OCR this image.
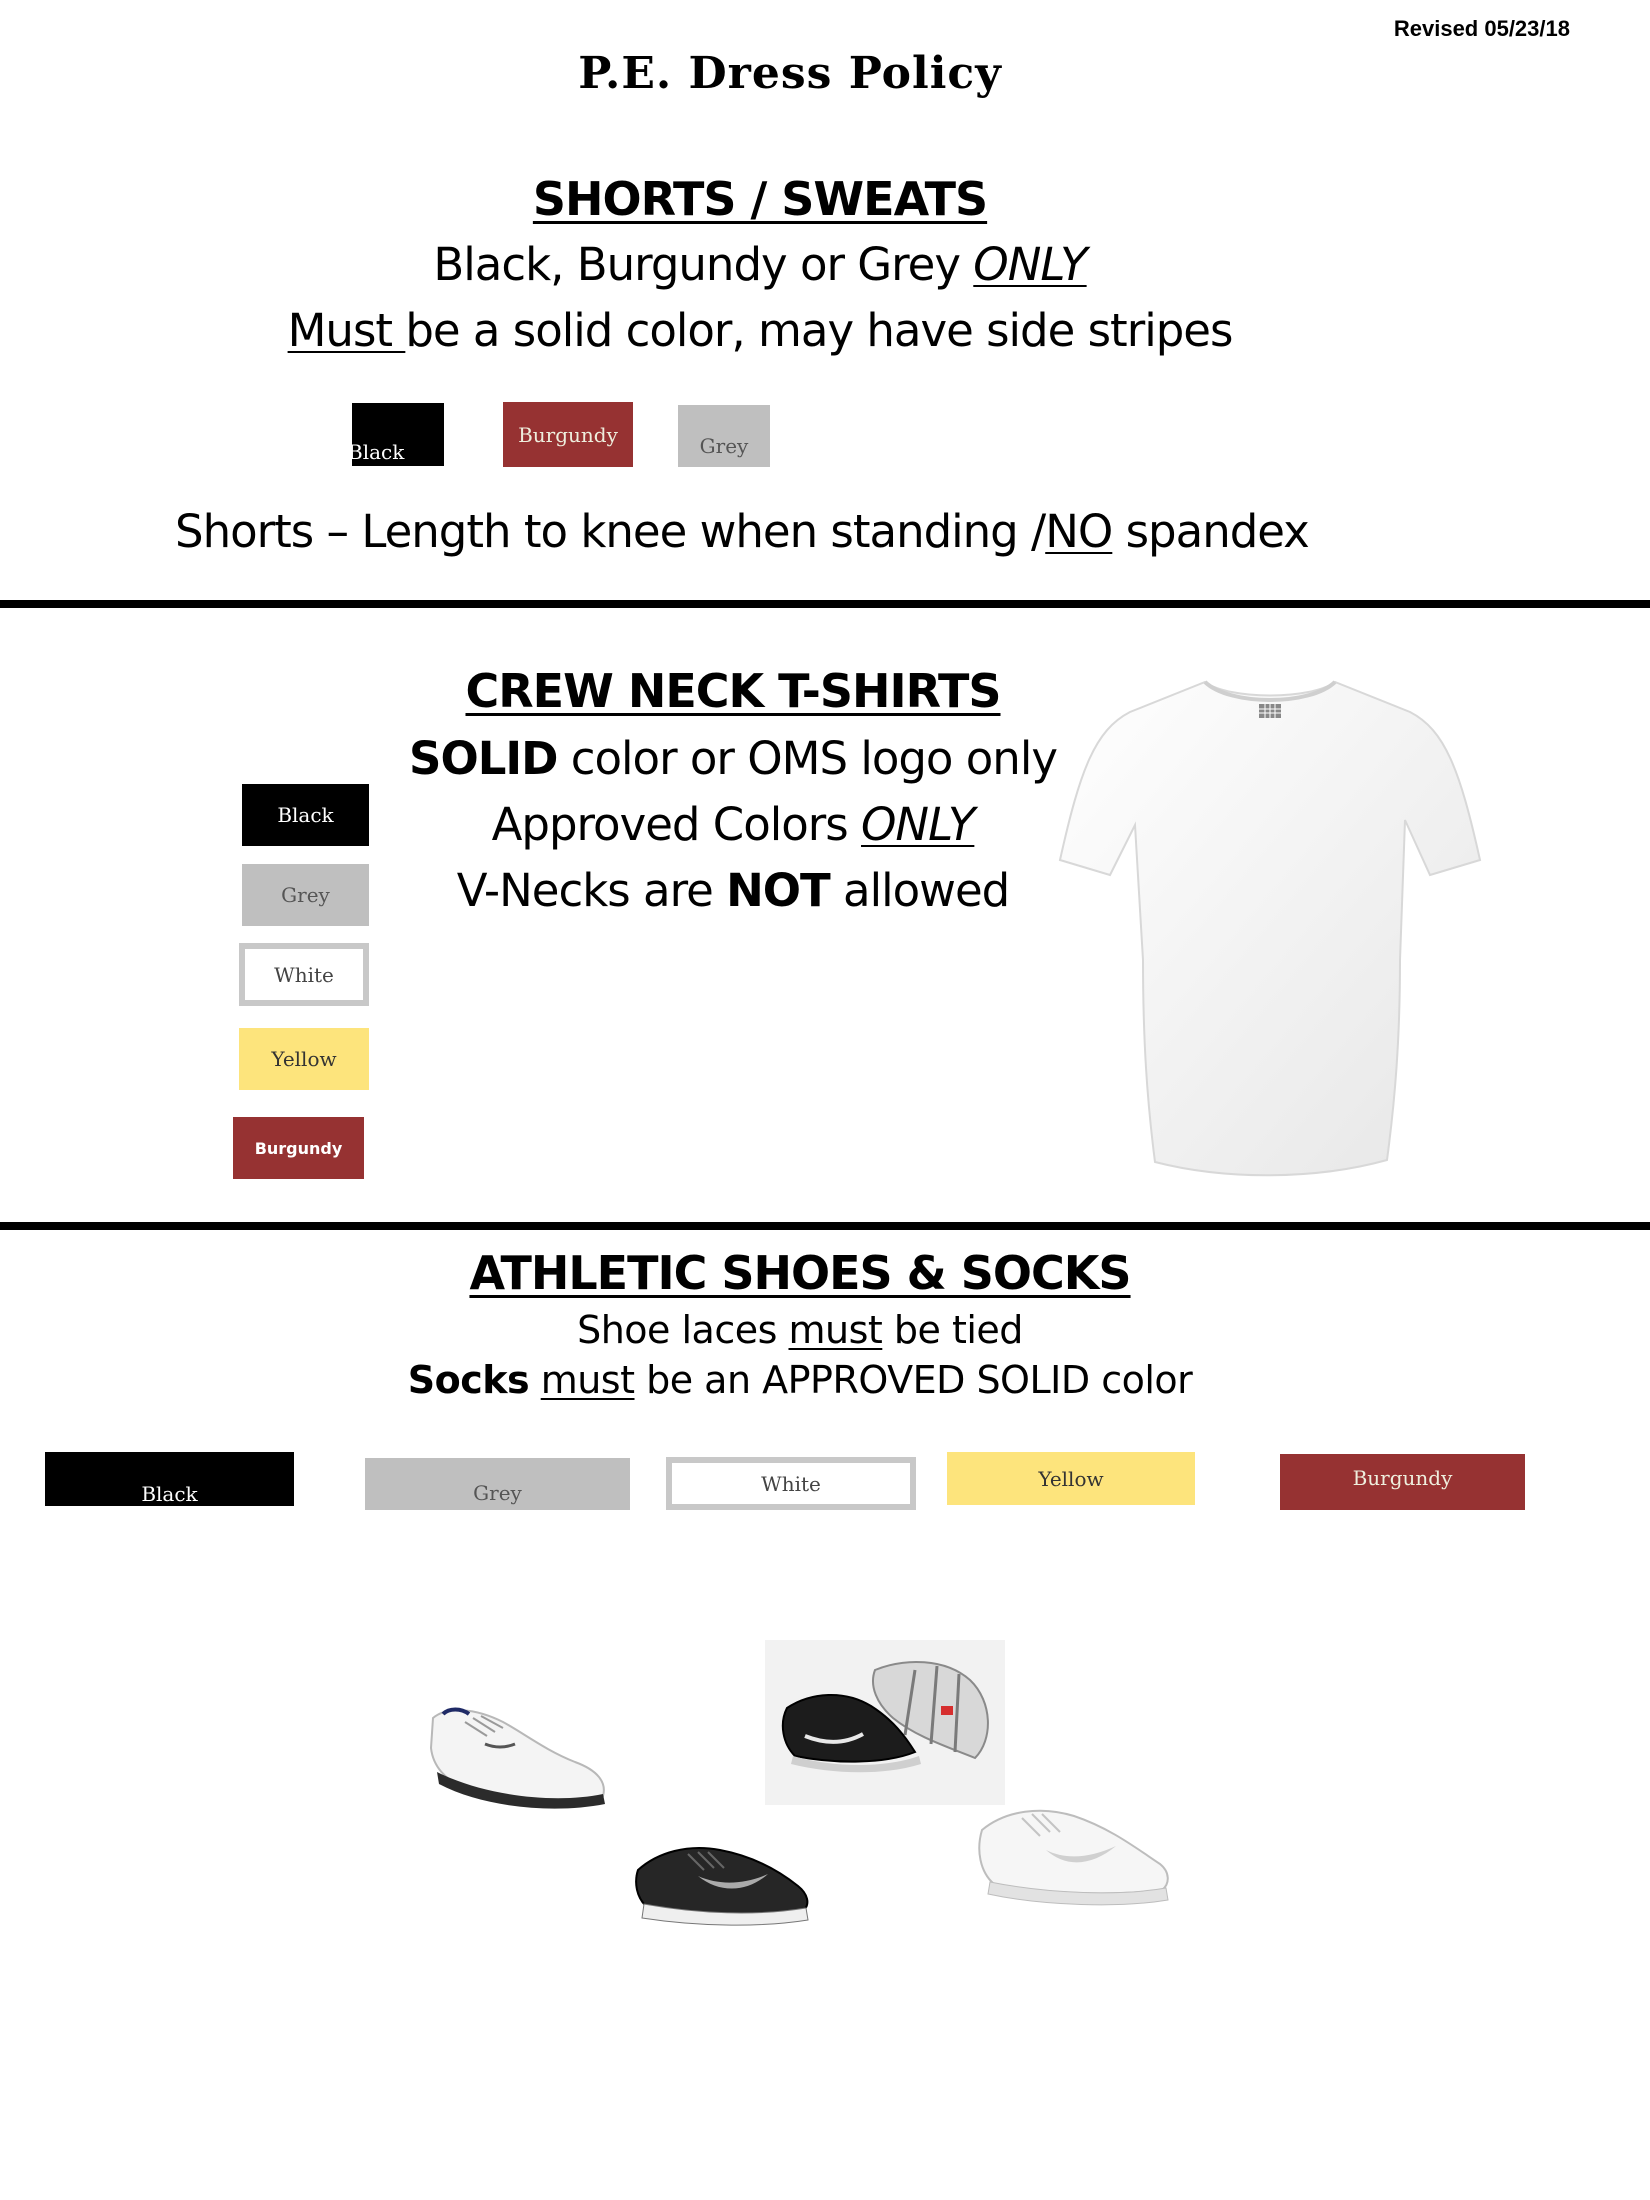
Revised 05/23/18
P.E. Dress Policy
SHORTS / SWEATS
Black, Burgundy or Grey ONLY
Must be a solid color, may have side stripes
Black
Burgundy	Grey
Shorts – Length to knee when standing /NO spandex
CREW NECK T-SHIRTS
SOLID color or OMS logo only
Approved Colors ONLY
V-Necks are NOT allowed
Black
Grey
White
Yellow
Burgundy
ATHLETIC SHOES & SOCKS
Shoe laces must be tied
Socks must be an APPROVED SOLID color
Black	Grey	White	Yellow	Burgundy
